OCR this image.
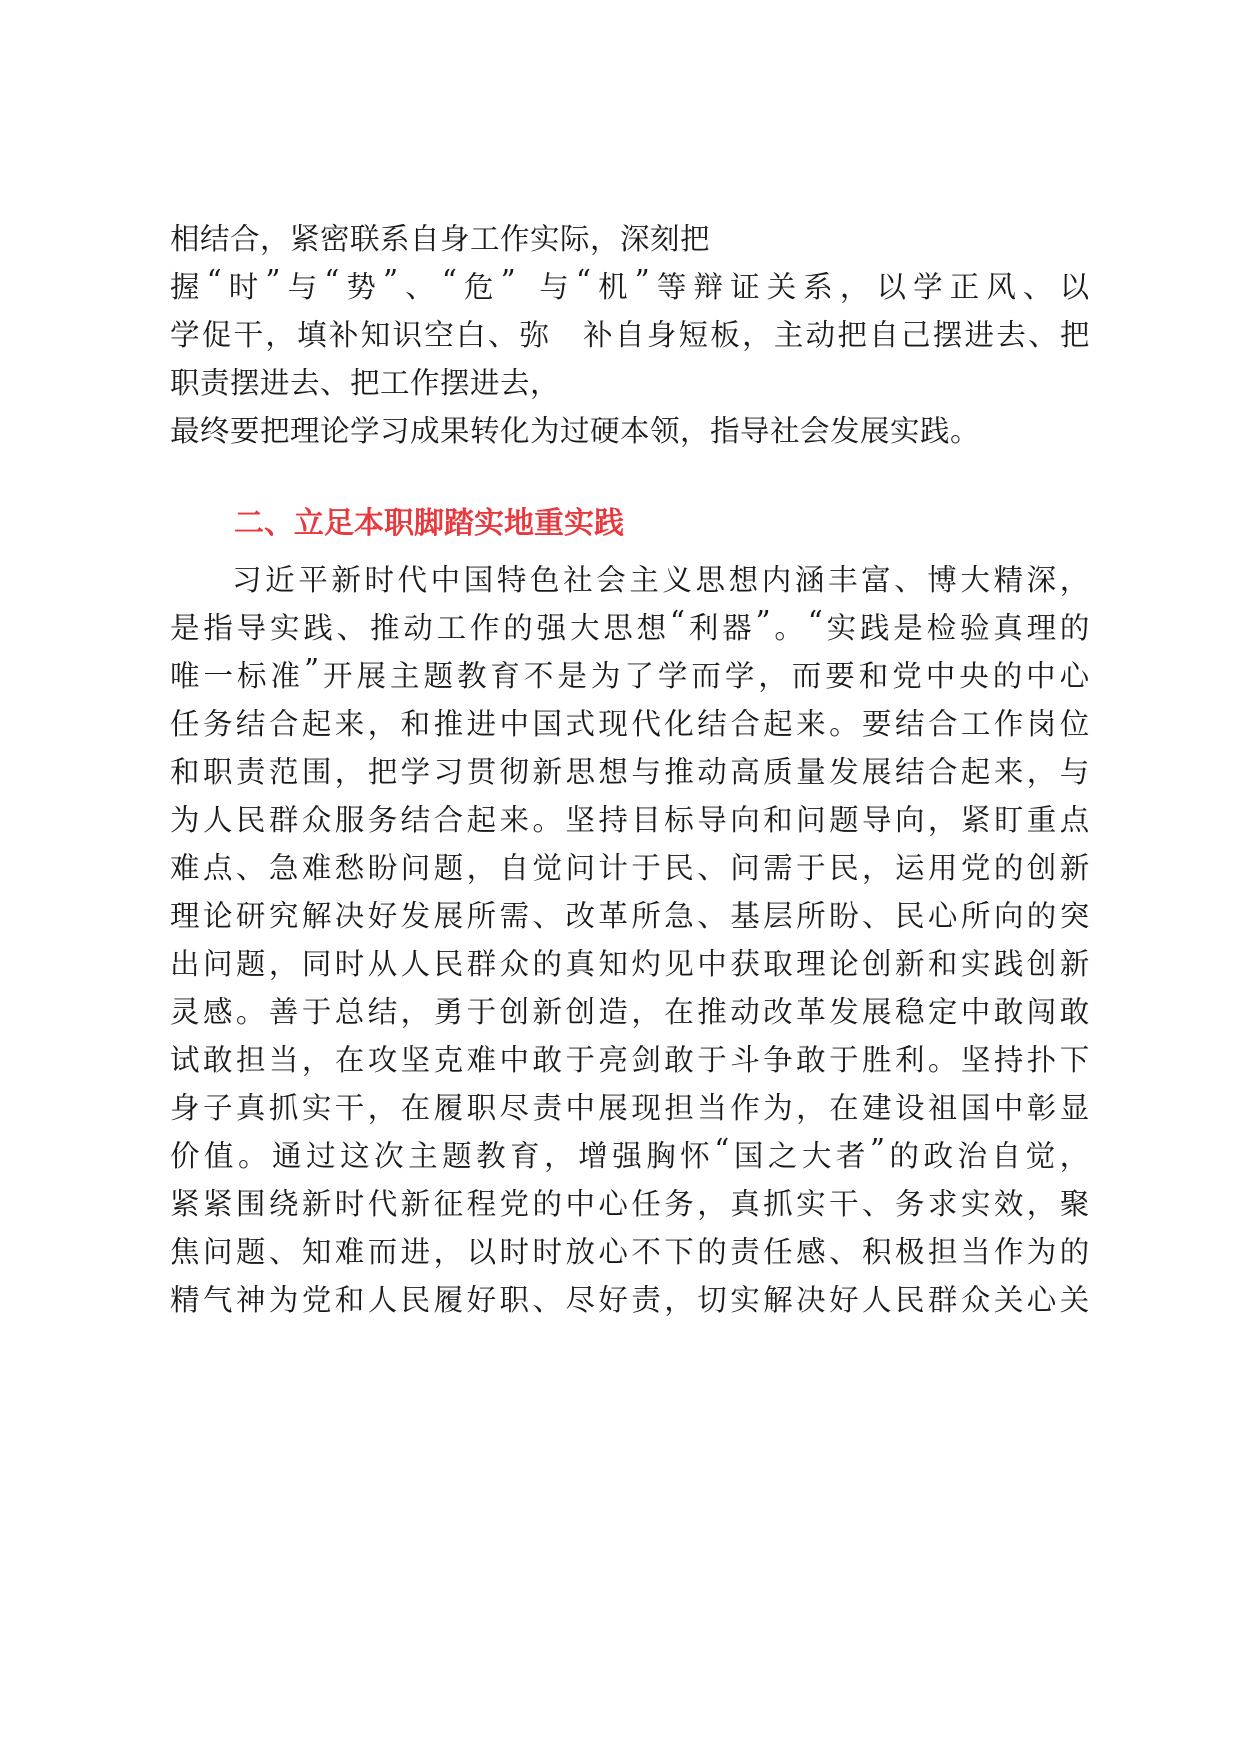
相结合，紧密联系自身工作实际，深刻把
握 “ 时 ” 与 “ 势 ” 、 “ 危 ”
与 “ 机 ” 等 辩 证 关 系 ， 以 学 正 风 、 以
学 促 干 ， 填 补 知 识 空 白 、 弥
　 补 自 身 短 板 ， 主 动 把 自 己 摆 进 去 、 把
职责摆进去、把工作摆进去，
最终要把理论学习成果转化为过硬本领，指导社会发展实践。
二、立足本职脚踏实地重实践
习 近 平 新 时 代 中 国 特 色 社 会 主 义 思 想 内 涵 丰 富 、 博 大 精 深 ，
是 指 导 实 践 、 推 动 工 作 的 强 大 思 想 “ 利 器 ” 。 “ 实 践 是 检 验 真 理 的
唯 一 标 准 ” 开 展 主 题 教 育 不 是 为 了 学 而 学 ， 而 要 和 党 中 央 的 中 心
任 务 结 合 起 来 ， 和 推 进 中 国 式 现 代 化 结 合 起 来 。 要 结 合 工 作 岗 位
和 职 责 范 围 ， 把 学 习 贯 彻 新 思 想 与 推 动 高 质 量 发 展 结 合 起 来 ， 与
为 人 民 群 众 服 务 结 合 起 来 。 坚 持 目 标 导 向 和 问 题 导 向 ， 紧 盯 重 点
难 点 、 急 难 愁 盼 问 题 ， 自 觉 问 计 于 民 、 问 需 于 民 ， 运 用 党 的 创 新
理 论 研 究 解 决 好 发 展 所 需 、 改 革 所 急 、 基 层 所 盼 、 民 心 所 向 的 突
出 问 题 ， 同 时 从 人 民 群 众 的 真 知 灼 见 中 获 取 理 论 创 新 和 实 践 创 新
灵 感 。 善 于 总 结 ， 勇 于 创 新 创 造 ， 在 推 动 改 革 发 展 稳 定 中 敢 闯 敢
试 敢 担 当 ， 在 攻 坚 克 难 中 敢 于 亮 剑 敢 于 斗 争 敢 于 胜 利 。 坚 持 扑 下
身 子 真 抓 实 干 ， 在 履 职 尽 责 中 展 现 担 当 作 为 ， 在 建 设 祖 国 中 彰 显
价 值 。 通 过 这 次 主 题 教 育 ， 增 强 胸 怀 “ 国 之 大 者 ” 的 政 治 自 觉 ，
紧 紧 围 绕 新 时 代 新 征 程 党 的 中 心 任 务 ， 真 抓 实 干 、 务 求 实 效 ， 聚
焦 问 题 、 知 难 而 进 ， 以 时 时 放 心 不 下 的 责 任 感 、 积 极 担 当 作 为 的
精 气 神 为 党 和 人 民 履 好 职 、 尽 好 责 ， 切 实 解 决 好 人 民 群 众 关 心 关
